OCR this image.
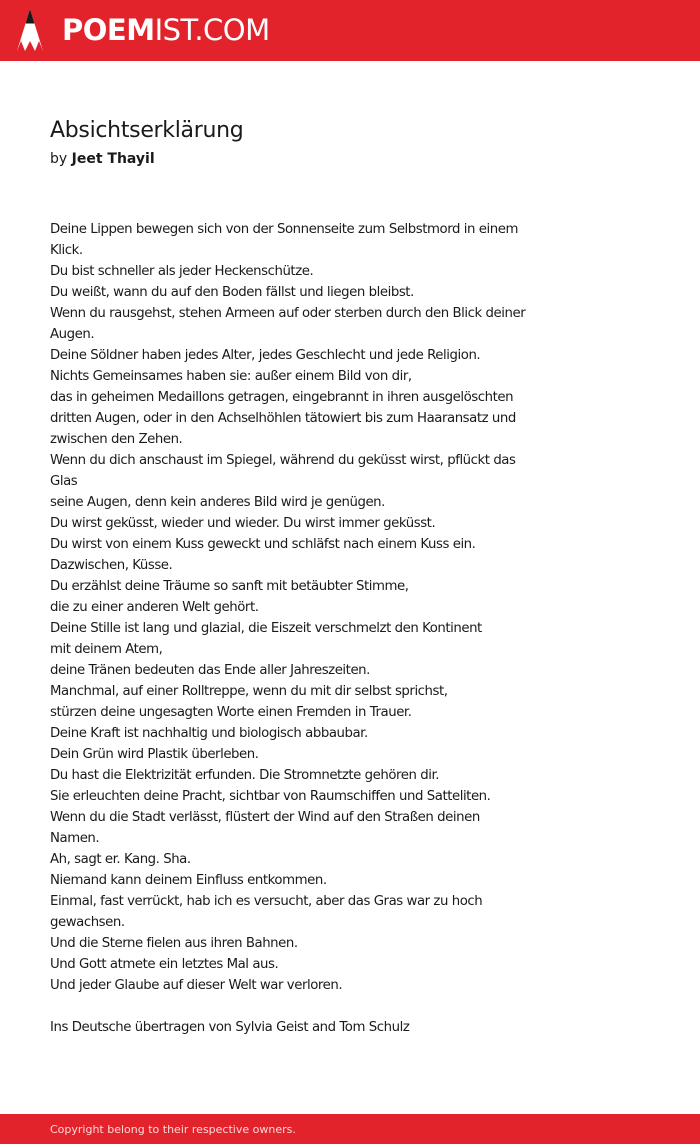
POEMIST.COM
Absichtserklärung
by Jeet Thayil
Deine Lippen bewegen sich von der Sonnenseite zum Selbstmord in einem
Klick.
Du bist schneller als jeder Heckenschütze.
Du weißt, wann du auf den Boden fällst und liegen bleibst.
Wenn du rausgehst, stehen Armeen auf oder sterben durch den Blick deiner
Augen.
Deine Söldner haben jedes Alter, jedes Geschlecht und jede Religion.
Nichts Gemeinsames haben sie: außer einem Bild von dir,
das in geheimen Medaillons getragen, eingebrannt in ihren ausgelöschten
dritten Augen, oder in den Achselhöhlen tätowiert bis zum Haaransatz und
zwischen den Zehen.
Wenn du dich anschaust im Spiegel, während du geküsst wirst, pflückt das
Glas
seine Augen, denn kein anderes Bild wird je genügen.
Du wirst geküsst, wieder und wieder. Du wirst immer geküsst.
Du wirst von einem Kuss geweckt und schläfst nach einem Kuss ein.
Dazwischen, Küsse.
Du erzählst deine Träume so sanft mit betäubter Stimme,
die zu einer anderen Welt gehört.
Deine Stille ist lang und glazial, die Eiszeit verschmelzt den Kontinent
mit deinem Atem,
deine Tränen bedeuten das Ende aller Jahreszeiten.
Manchmal, auf einer Rolltreppe, wenn du mit dir selbst sprichst,
stürzen deine ungesagten Worte einen Fremden in Trauer.
Deine Kraft ist nachhaltig und biologisch abbaubar.
Dein Grün wird Plastik überleben.
Du hast die Elektrizität erfunden. Die Stromnetzte gehören dir.
Sie erleuchten deine Pracht, sichtbar von Raumschiffen und Satteliten.
Wenn du die Stadt verlässt, flüstert der Wind auf den Straßen deinen
Namen.
Ah, sagt er. Kang. Sha.
Niemand kann deinem Einfluss entkommen.
Einmal, fast verrückt, hab ich es versucht, aber das Gras war zu hoch
gewachsen.
Und die Sterne fielen aus ihren Bahnen.
Und Gott atmete ein letztes Mal aus.
Und jeder Glaube auf dieser Welt war verloren.
Ins Deutsche übertragen von Sylvia Geist and Tom Schulz
Copyright belong to their respective owners.
